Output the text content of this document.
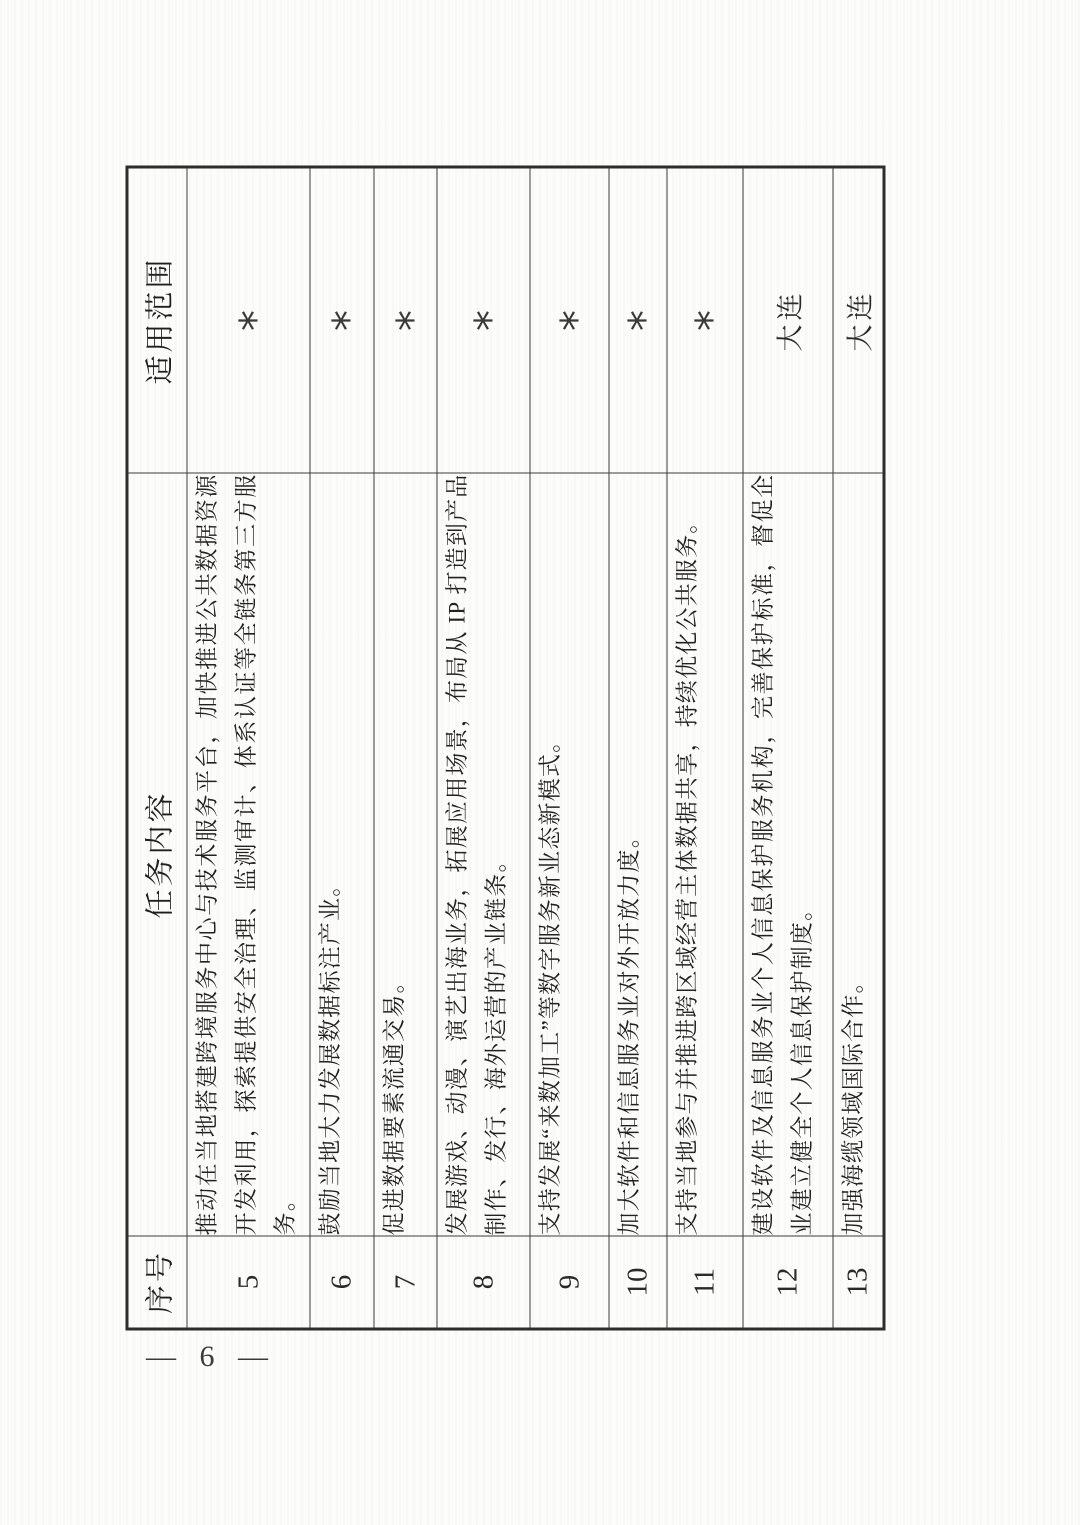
序号	任务内容	适用范围
5	推动在当地搭建跨境服务中心与技术服务平台，加快推进公共数据资源开发利用，探索提供安全治理、监测审计、体系认证等全链条第三方服务。	*
6	鼓励当地大力发展数据标注产业。	*
7	促进数据要素流通交易。	*
8	发展游戏、动漫、演艺出海业务，拓展应用场景，布局从 IP 打造到产品制作、发行、海外运营的产业链条。	*
9	支持发展“来数加工”等数字服务新业态新模式。	*
10	加大软件和信息服务业对外开放力度。	*
11	支持当地参与并推进跨区域经营主体数据共享，持续优化公共服务。	*
12	建设软件及信息服务业个人信息保护服务机构，完善保护标准，督促企业建立健全个人信息保护制度。	大连
13	加强海缆领域国际合作。	大连
— 6 —
